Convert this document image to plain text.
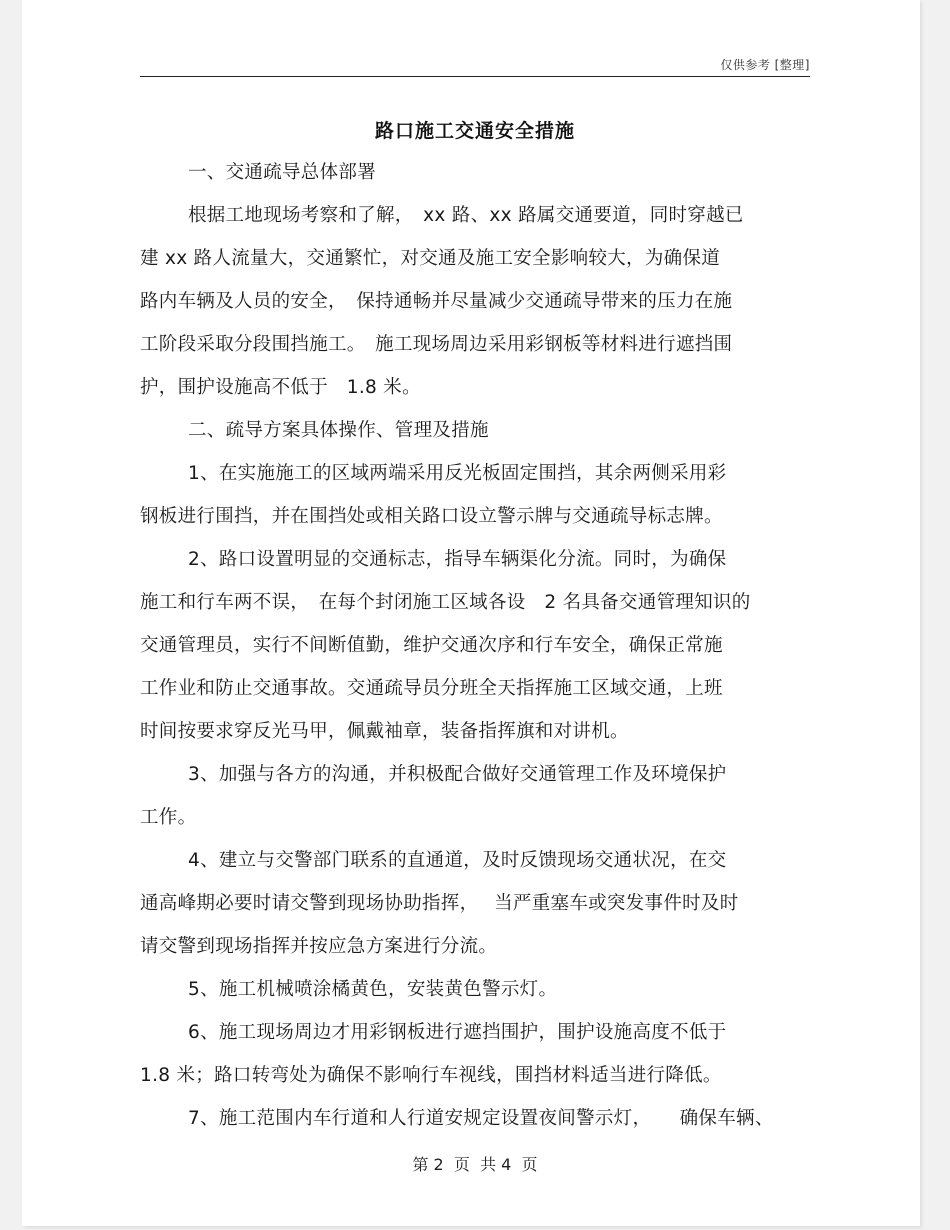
仅供参考 [整理]
路口施工交通安全措施
一、交通疏导总体部署
根据工地现场考察和了解，　xx 路、xx 路属交通要道，同时穿越已
建 xx 路人流量大，交通繁忙，对交通及施工安全影响较大，为确保道
路内车辆及人员的安全，　保持通畅并尽量减少交通疏导带来的压力在施
工阶段采取分段围挡施工。　施工现场周边采用彩钢板等材料进行遮挡围
护，围护设施高不低于　1.8 米。
二、疏导方案具体操作、管理及措施
1、在实施施工的区域两端采用反光板固定围挡，其余两侧采用彩
钢板进行围挡，并在围挡处或相关路口设立警示牌与交通疏导标志牌。
2、路口设置明显的交通标志，指导车辆渠化分流。同时，为确保
施工和行车两不误，　在每个封闭施工区域各设　2 名具备交通管理知识的
交通管理员，实行不间断值勤，维护交通次序和行车安全，确保正常施
工作业和防止交通事故。交通疏导员分班全天指挥施工区域交通，上班
时间按要求穿反光马甲，佩戴袖章，装备指挥旗和对讲机。
3、加强与各方的沟通，并积极配合做好交通管理工作及环境保护
工作。
4、建立与交警部门联系的直通道，及时反馈现场交通状况，在交
通高峰期必要时请交警到现场协助指挥，　 当严重塞车或突发事件时及时
请交警到现场指挥并按应急方案进行分流。
5、施工机械喷涂橘黄色，安装黄色警示灯。
6、施工现场周边才用彩钢板进行遮挡围护，围护设施高度不低于
1.8 米；路口转弯处为确保不影响行车视线，围挡材料适当进行降低。
7、施工范围内车行道和人行道安规定设置夜间警示灯，　　确保车辆、
第 2  页  共 4  页
